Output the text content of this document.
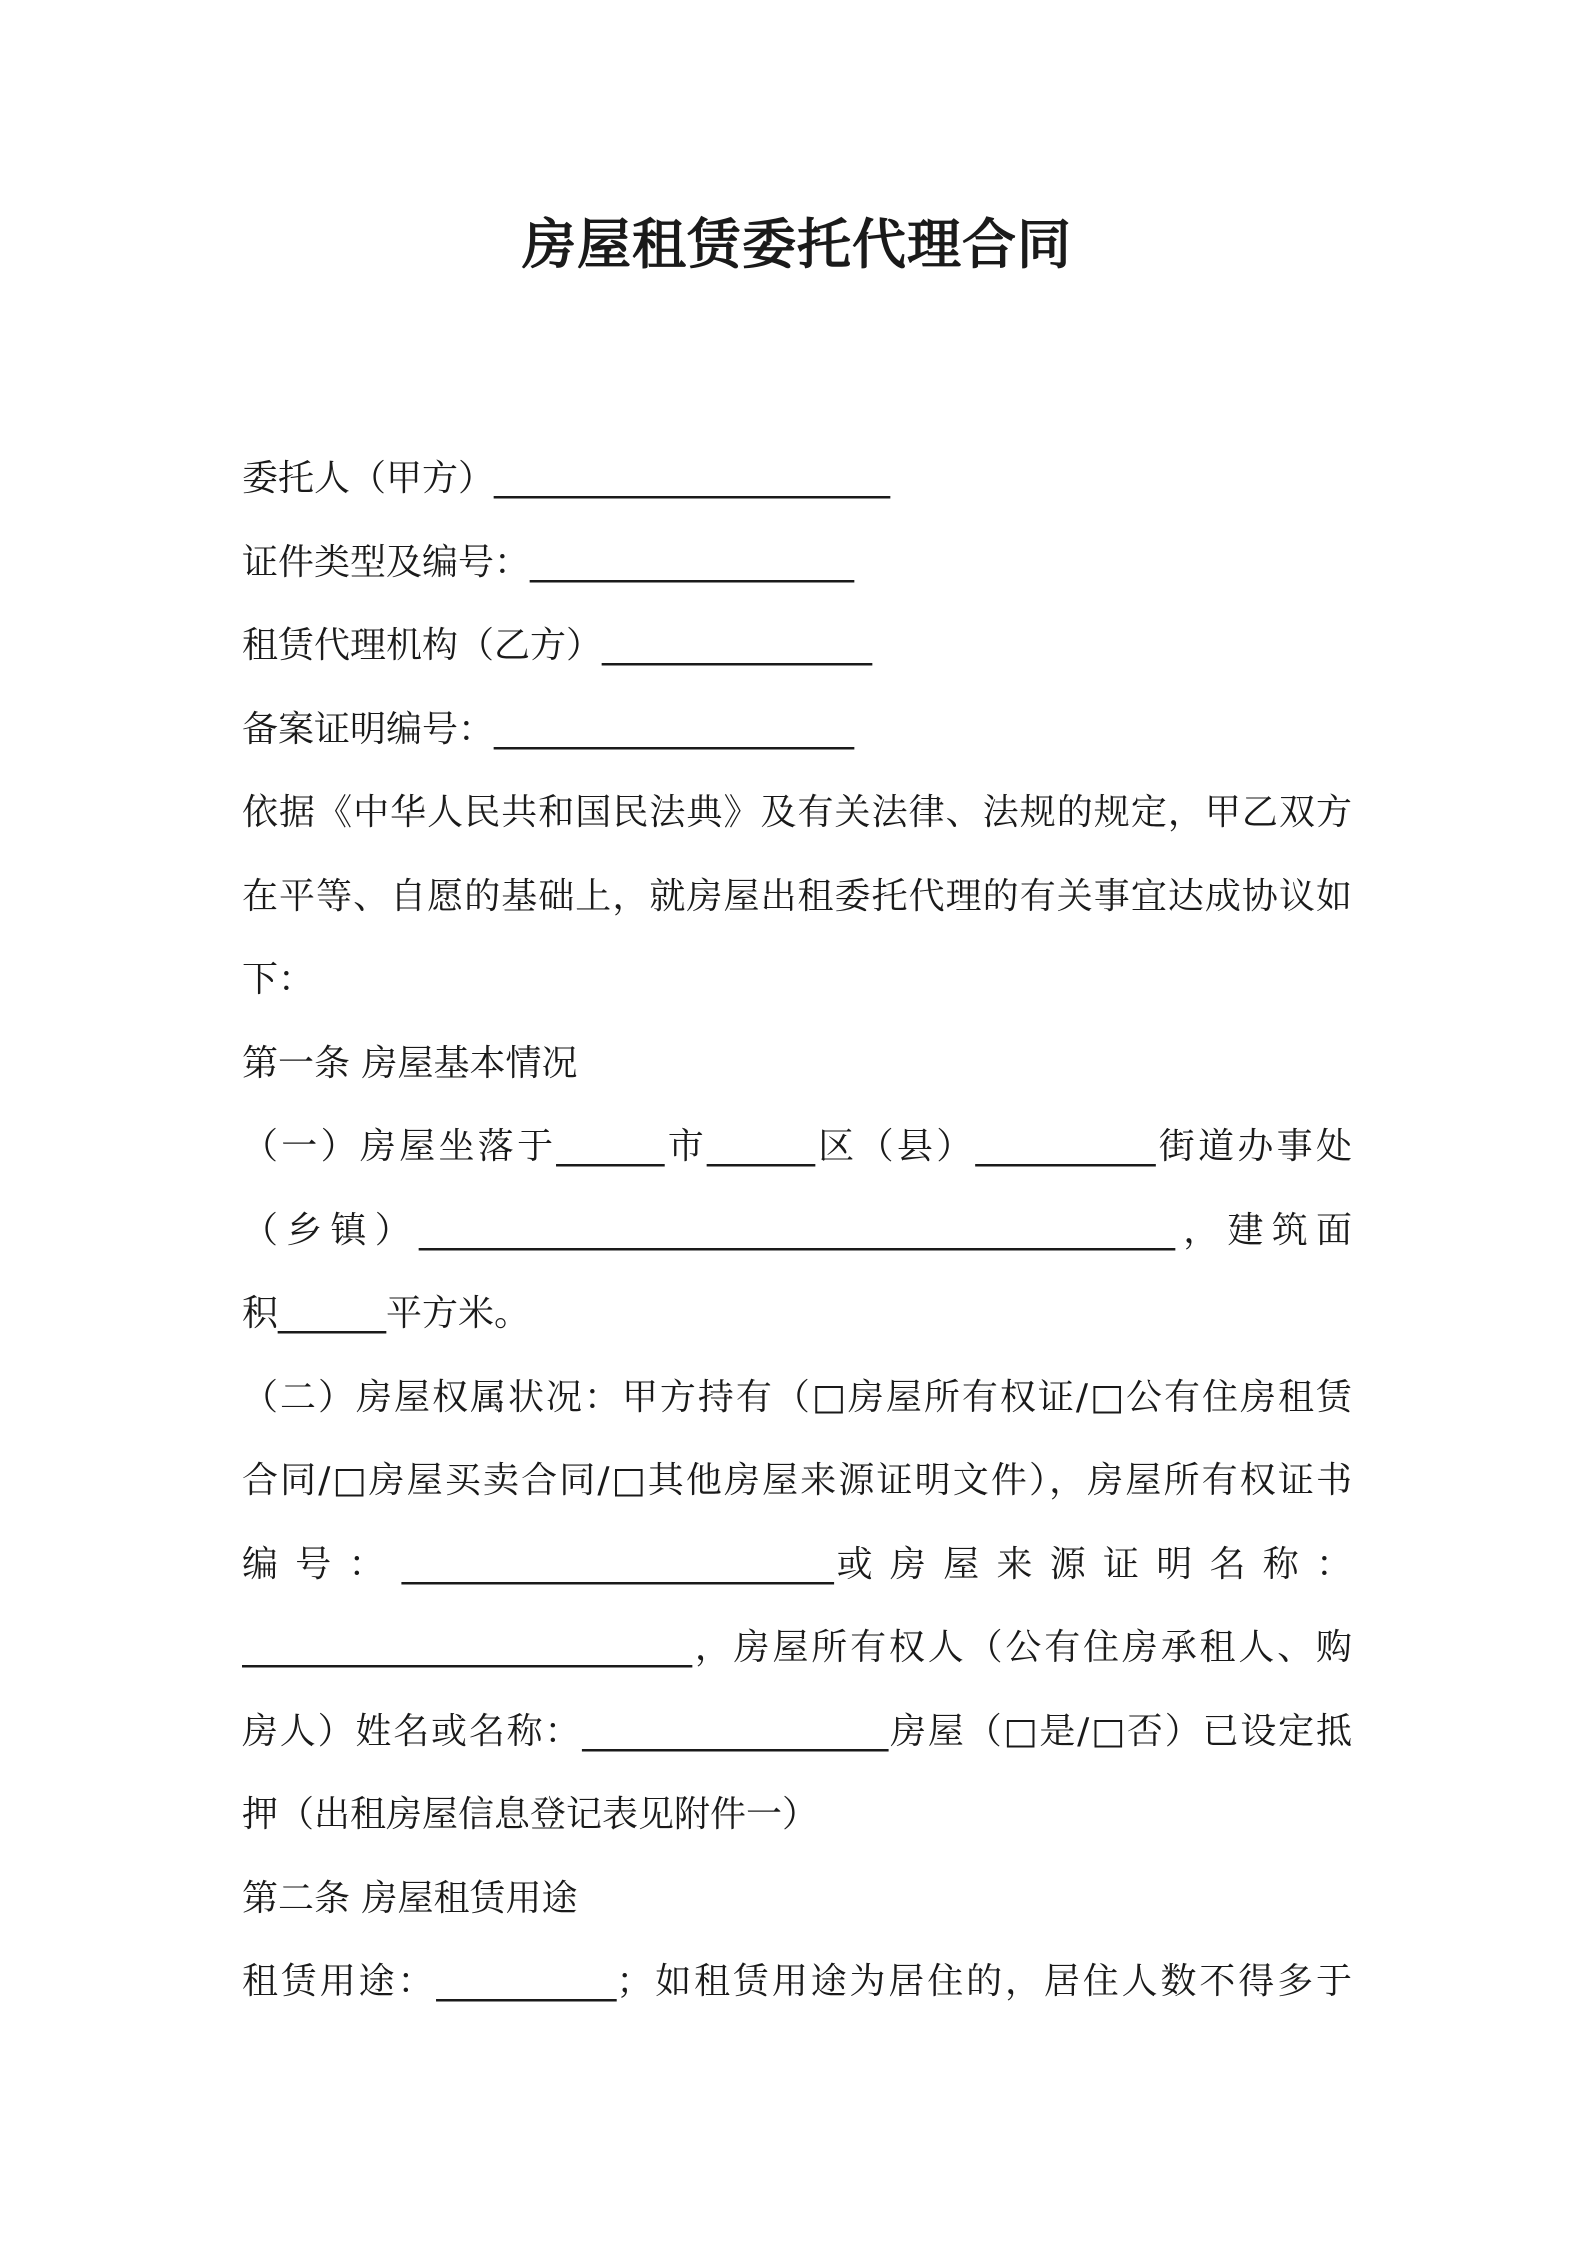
房屋租赁委托代理合同
委托人（甲方）______________________
证件类型及编号：__________________
租赁代理机构（乙方）_______________
备案证明编号：____________________
依据《中华人民共和国民法典》及有关法律、法规的规定，甲乙双方
在平等、自愿的基础上，就房屋出租委托代理的有关事宜达成协议如
下：
第一条 房屋基本情况
（一）房屋坐落于______市______区（县）__________街道办事处
（乡镇）__________________________________________，建筑面
积______平方米。
（二）房屋权属状况：甲方持有（□房屋所有权证/□公有住房租赁
合同/□房屋买卖合同/□其他房屋来源证明文件），房屋所有权证书
编 号 ： ________________________或 房 屋 来 源 证 明 名 称 ：
_________________________，房屋所有权人（公有住房承租人、购
房人）姓名或名称：_________________房屋（□是/□否）已设定抵
押（出租房屋信息登记表见附件一）
第二条 房屋租赁用途
租赁用途：__________；如租赁用途为居住的，居住人数不得多于
